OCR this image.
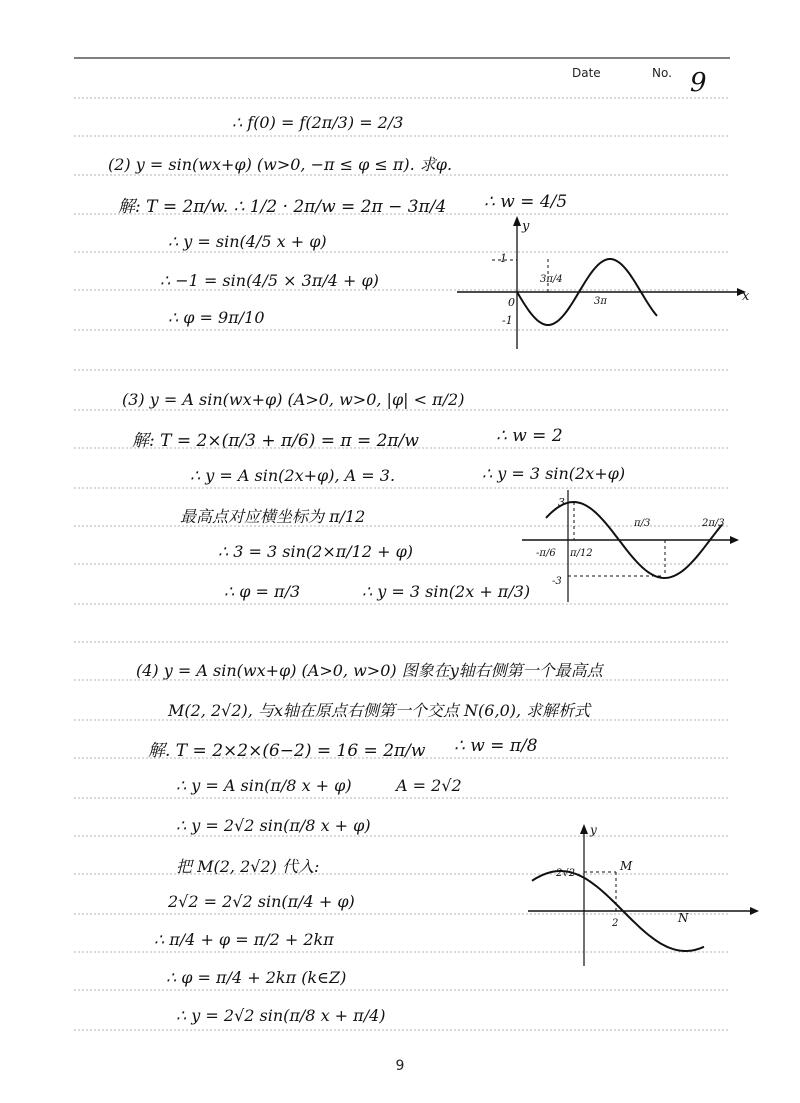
Date	No. 9
∴ f(0) = f(2π/3) = 2/3
(2) y = sin(wx+φ) (w>0, −π ≤ φ ≤ π). 求φ.
解: T = 2π/w. ∴ 1/2 · 2π/w = 2π − 3π/4 ∴ w = 4/5
∴ y = sin(4/5 x + φ)
∴ −1 = sin(4/5 × 3π/4 + φ)
∴ φ = 9π/10
x
y
1
-1
0
3π/4
3π
(3) y = A sin(wx+φ) (A>0, w>0, |φ| < π/2)
解: T = 2×(π/3 + π/6) = π = 2π/w	∴ w = 2
∴ y = A sin(2x+φ), A = 3.	∴ y = 3 sin(2x+φ)
最高点对应横坐标为 π/12
∴ 3 = 3 sin(2×π/12 + φ)
∴ φ = π/3	∴ y = 3 sin(2x + π/3)
3
-3
-π/6 π/12
π/3	2π/3
(4) y = A sin(wx+φ) (A>0, w>0) 图象在y轴右侧第一个最高点
M(2, 2√2), 与x轴在原点右侧第一个交点 N(6,0), 求解析式
解. T = 2×2×(6−2) = 16 = 2π/w ∴ w = π/8
∴ y = A sin(π/8 x + φ)	A = 2√2
∴ y = 2√2 sin(π/8 x + φ)
把 M(2, 2√2) 代入:
2√2 = 2√2 sin(π/4 + φ)
∴ π/4 + φ = π/2 + 2kπ
∴ φ = π/4 + 2kπ (k∈Z)
∴ y = 2√2 sin(π/8 x + π/4)
y
2√2
M
N
2
9
